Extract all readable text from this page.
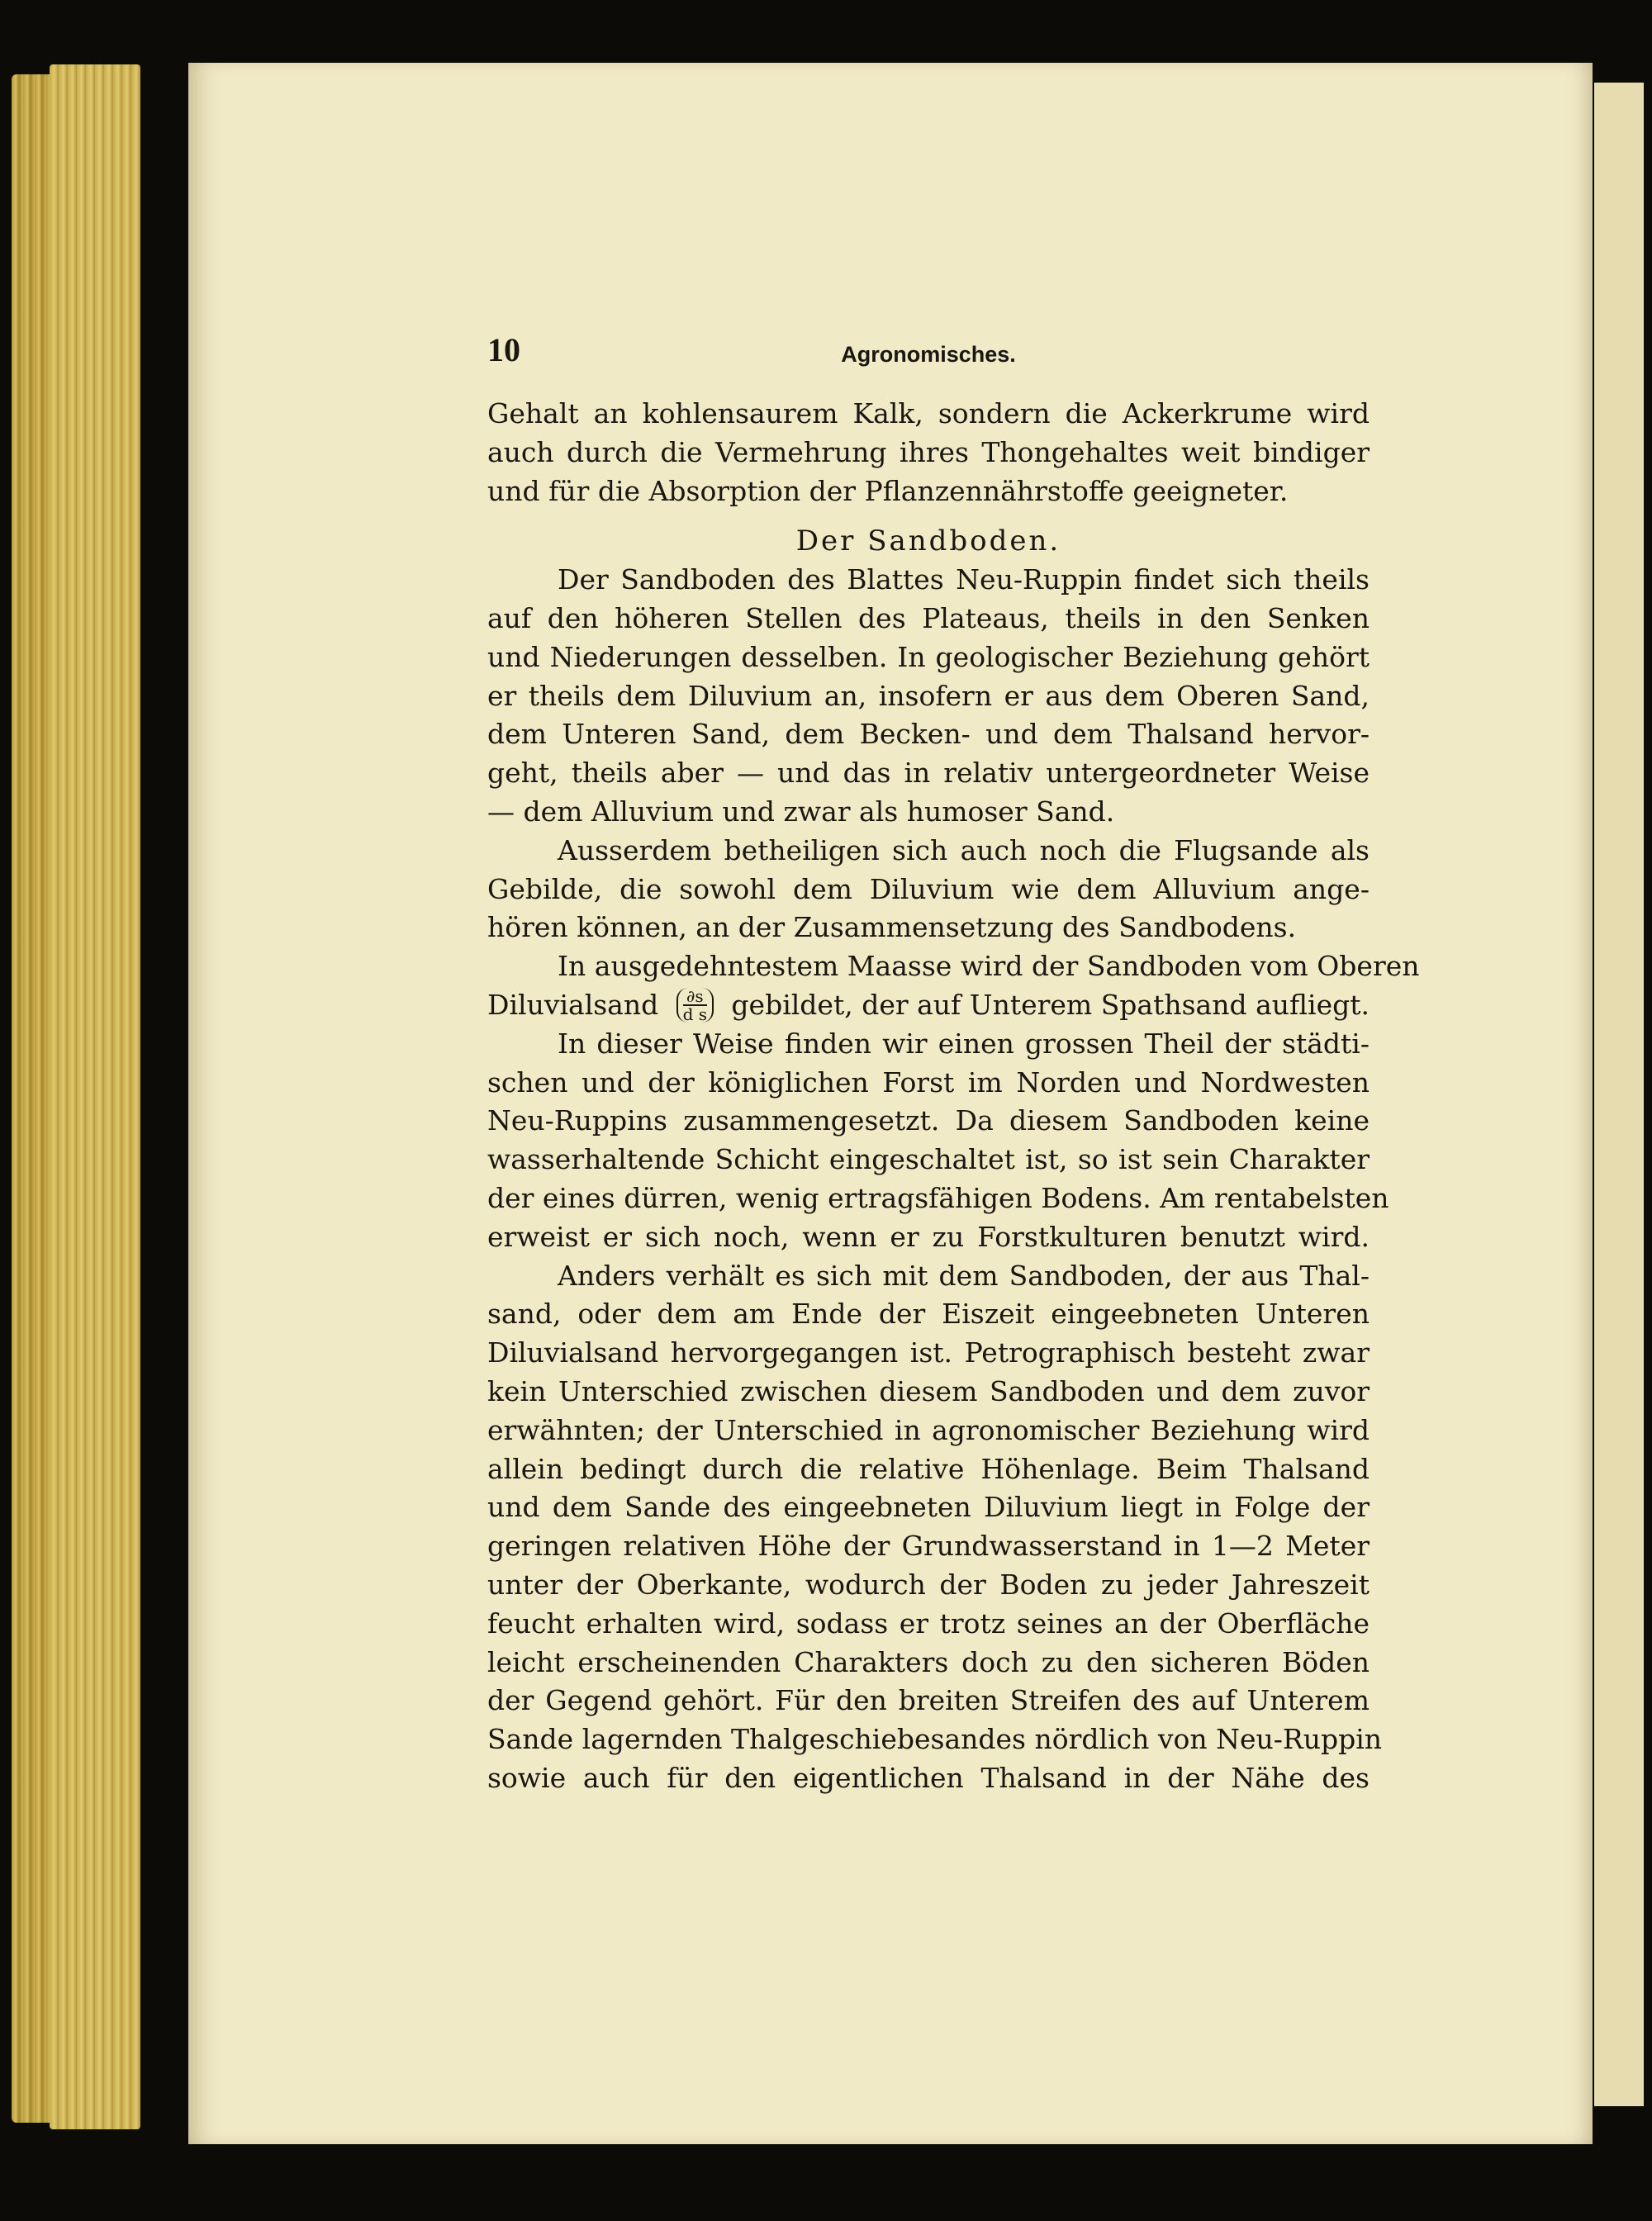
10	Agronomisches.
Gehalt an kohlensaurem Kalk, sondern die Ackerkrume wird
auch durch die Vermehrung ihres Thongehaltes weit bindiger
und für die Absorption der Pflanzennährstoffe geeigneter.
Der Sandboden.
Der Sandboden des Blattes Neu-Ruppin findet sich theils
auf den höheren Stellen des Plateaus, theils in den Senken
und Niederungen desselben. In geologischer Beziehung gehört
er theils dem Diluvium an, insofern er aus dem Oberen Sand,
dem Unteren Sand, dem Becken- und dem Thalsand hervor-
geht, theils aber — und das in relativ untergeordneter Weise
— dem Alluvium und zwar als humoser Sand.
Ausserdem betheiligen sich auch noch die Flugsande als
Gebilde, die sowohl dem Diluvium wie dem Alluvium ange-
hören können, an der Zusammensetzung des Sandbodens.
In ausgedehntestem Maasse wird der Sandboden vom Oberen
Diluvialsand $\frac{\partial s}{\text{d s}}$ gebildet, der auf Unterem Spathsand aufliegt.
In dieser Weise finden wir einen grossen Theil der städti-
schen und der königlichen Forst im Norden und Nordwesten
Neu-Ruppins zusammengesetzt. Da diesem Sandboden keine
wasserhaltende Schicht eingeschaltet ist, so ist sein Charakter
der eines dürren, wenig ertragsfähigen Bodens. Am rentabelsten
erweist er sich noch, wenn er zu Forstkulturen benutzt wird.
Anders verhält es sich mit dem Sandboden, der aus Thal-
sand, oder dem am Ende der Eiszeit eingeebneten Unteren
Diluvialsand hervorgegangen ist. Petrographisch besteht zwar
kein Unterschied zwischen diesem Sandboden und dem zuvor
erwähnten; der Unterschied in agronomischer Beziehung wird
allein bedingt durch die relative Höhenlage. Beim Thalsand
und dem Sande des eingeebneten Diluvium liegt in Folge der
geringen relativen Höhe der Grundwasserstand in 1—2 Meter
unter der Oberkante, wodurch der Boden zu jeder Jahreszeit
feucht erhalten wird, sodass er trotz seines an der Oberfläche
leicht erscheinenden Charakters doch zu den sicheren Böden
der Gegend gehört. Für den breiten Streifen des auf Unterem
Sande lagernden Thalgeschiebesandes nördlich von Neu-Ruppin
sowie auch für den eigentlichen Thalsand in der Nähe des
